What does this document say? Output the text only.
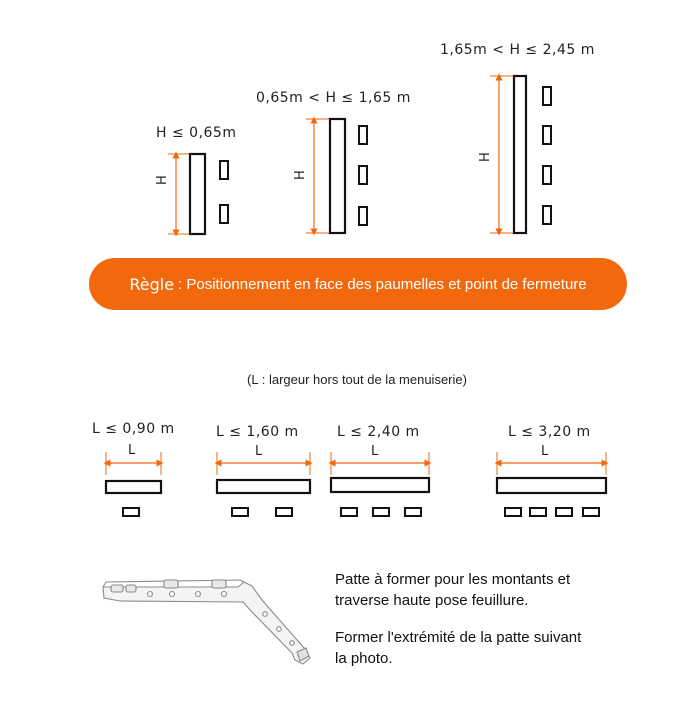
H ≤ 0,65m
H
0,65m < H ≤ 1,65 m
H
1,65m < H ≤ 2,45 m
H
Règle : Positionnement en face des paumelles et point de fermeture
(L : largeur hors tout de la menuiserie)
L ≤ 0,90 m
L
L ≤ 1,60 m
L
L ≤ 2,40 m
L
L ≤ 3,20 m
L
Patte à former pour les montants et
traverse haute pose feuillure.
Former l'extrémité de la patte suivant
la photo.
